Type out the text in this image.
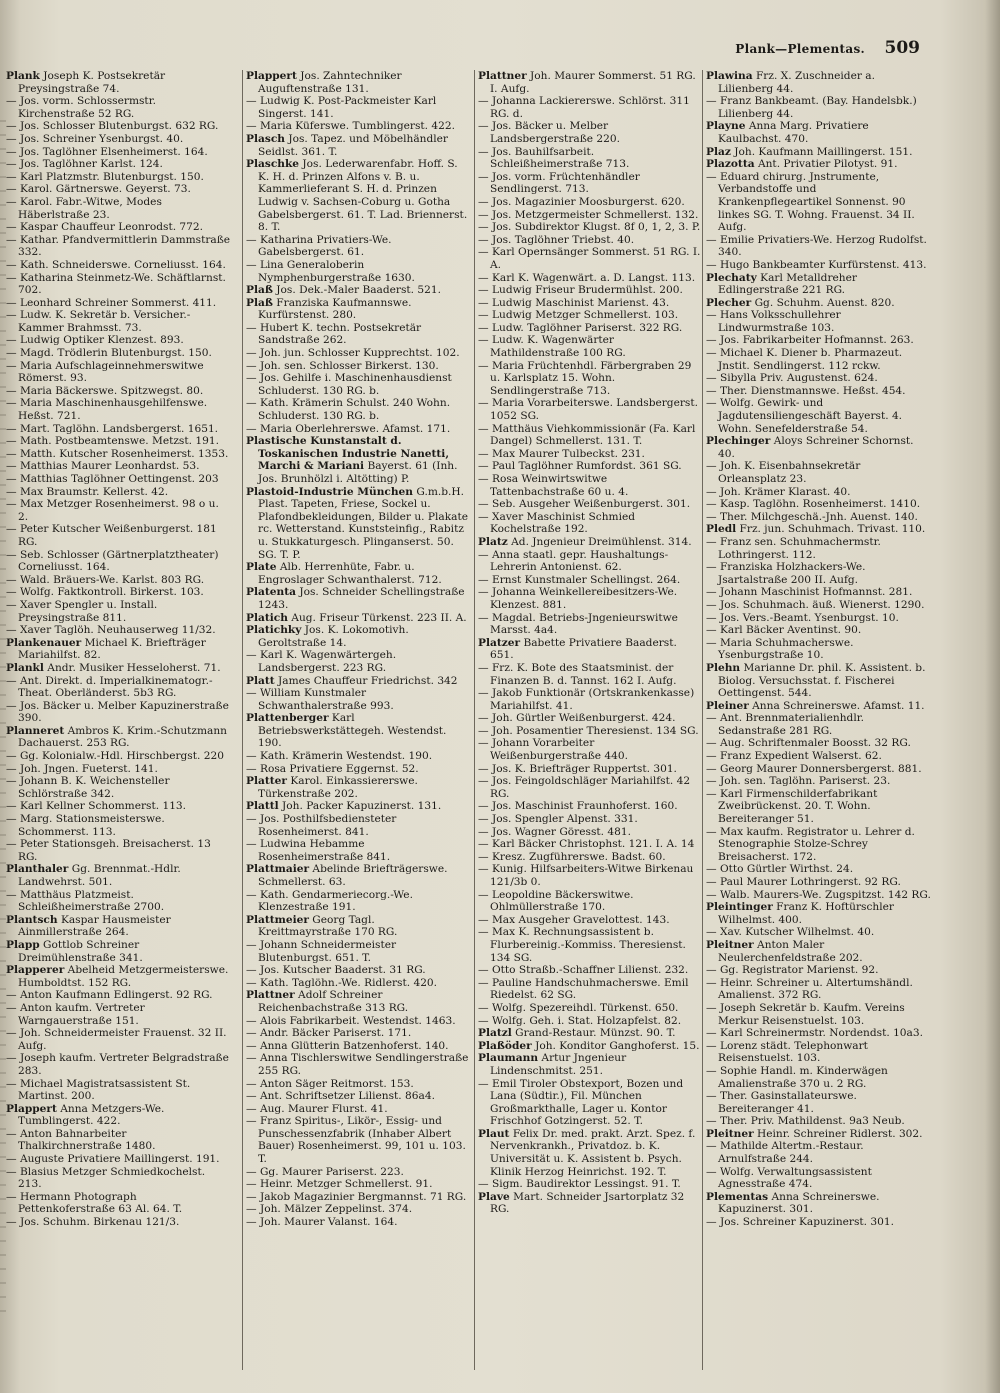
Plank—Plementas. 509

Plank Joseph K. Postsekretär Preysingstraße 74.

— Jos. vorm. Schlossermstr. Kirchenstraße 52 RG.

— Jos. Schlosser Blutenburgst. 632 RG.

— Jos. Schreiner Ysenburgst. 40.

— Jos. Taglöhner Elsenheimerst. 164.

— Jos. Taglöhner Karlst. 124.

— Karl Platzmstr. Blutenburgst. 150.

— Karol. Gärtnerswe. Geyerst. 73.

— Karol. Fabr.-Witwe, Modes Häberlstraße 23.

— Kaspar Chauffeur Leonrodst. 772.

— Kathar. Pfandvermittlerin Dammstraße 332.

— Kath. Schneiderswe. Corneliusst. 164.

— Katharina Steinmetz-We. Schäftlarnst. 702.

— Leonhard Schreiner Sommerst. 411.

— Ludw. K. Sekretär b. Versicher.-Kammer Brahmsst. 73.

— Ludwig Optiker Klenzest. 893.

— Magd. Trödlerin Blutenburgst. 150.

— Maria Aufschlageinnehmerswitwe Römerst. 93.

— Maria Bäckerswe. Spitzwegst. 80.

— Maria Maschinenhausgehilfenswe. Heßst. 721.

— Mart. Taglöhn. Landsbergerst. 1651.

— Math. Postbeamtenswe. Metzst. 191.

— Matth. Kutscher Rosenheimerst. 1353.

— Matthias Maurer Leonhardst. 53.

— Matthias Taglöhner Oettingenst. 203

— Max Braumstr. Kellerst. 42.

— Max Metzger Rosenheimerst. 98 o u. 2.

— Peter Kutscher Weißenburgerst. 181 RG.

— Seb. Schlosser (Gärtnerplatztheater) Corneliusst. 164.

— Wald. Bräuers-We. Karlst. 803 RG.

— Wolfg. Faktkontroll. Birkerst. 103.

— Xaver Spengler u. Install. Preysingstraße 811.

— Xaver Taglöh. Neuhauserweg 11/32.

Plankenauer Michael K. Briefträger Mariahilfst. 82.

Plankl Andr. Musiker Hesseloherst. 71.

— Ant. Direkt. d. Imperialkinematogr.-Theat. Oberländerst. 5b3 RG.

— Jos. Bäcker u. Melber Kapuzinerstraße 390.

Planneret Ambros K. Krim.-Schutzmann Dachauerst. 253 RG.

— Gg. Kolonialw.-Hdl. Hirschbergst. 220

— Joh. Jngen. Fueterst. 141.

— Johann B. K. Weichensteller Schlörstraße 342.

— Karl Kellner Schommerst. 113.

— Marg. Stationsmeisterswe. Schommerst. 113.

— Peter Stationsgeh. Breisacherst. 13 RG.

Planthaler Gg. Brennmat.-Hdlr. Landwehrst. 501.

— Matthäus Platzmeist. Schleißheimerstraße 2700.

Plantsch Kaspar Hausmeister Ainmillerstraße 264.

Plapp Gottlob Schreiner Dreimühlenstraße 341.

Plapperer Abelheid Metzgermeisterswe. Humboldtst. 152 RG.

— Anton Kaufmann Edlingerst. 92 RG.

— Anton kaufm. Vertreter Warngauerstraße 151.

— Joh. Schneidermeister Frauenst. 32 II. Aufg.

— Joseph kaufm. Vertreter Belgradstraße 283.

— Michael Magistratsassistent St. Martinst. 200.

Plappert Anna Metzgers-We. Tumblingerst. 422.

— Anton Bahnarbeiter Thalkirchnerstraße 1480.

— Auguste Privatiere Maillingerst. 191.

— Blasius Metzger Schmiedkochelst. 213.

— Hermann Photograph Pettenkoferstraße 63 Al. 64. T.

— Jos. Schuhm. Birkenau 121/3.

Plappert Jos. Zahntechniker Auguftenstraße 131.

— Ludwig K. Post-Packmeister Karl Singerst. 141.

— Maria Küferswe. Tumblingerst. 422.

Plasch Jos. Tapez. und Möbelhändler Seidlst. 361. T.

Plaschke Jos. Lederwarenfabr. Hoff. S. K. H. d. Prinzen Alfons v. B. u. Kammerlieferant S. H. d. Prinzen Ludwig v. Sachsen-Coburg u. Gotha Gabelsbergerst. 61. T. Lad. Briennerst. 8. T.

— Katharina Privatiers-We. Gabelsbergerst. 61.

— Lina Generaloberin Nymphenburgerstraße 1630.

Plaß Jos. Dek.-Maler Baaderst. 521.

Plaß Franziska Kaufmannswe. Kurfürstenst. 280.

— Hubert K. techn. Postsekretär Sandstraße 262.

— Joh. jun. Schlosser Kupprechtst. 102.

— Joh. sen. Schlosser Birkerst. 130.

— Jos. Gehilfe i. Maschinenhausdienst Schluderst. 130 RG. b.

— Kath. Krämerin Schulst. 240 Wohn. Schluderst. 130 RG. b.

— Maria Oberlehrerswe. Afamst. 171.

Plastische Kunstanstalt d. Toskanischen Industrie Nanetti, Marchi & Mariani Bayerst. 61 (Inh. Jos. Brunhölzl i. Altötting) P.

Plastoid-Industrie München G.m.b.H. Plast. Tapeten, Friese, Sockel u. Plafondbekleidungen, Bilder u. Plakate rc. Wetterstand. Kunststeinfig., Rabitz u. Stukkaturgesch. Plinganserst. 50. SG. T. P.

Plate Alb. Herrenhüte, Fabr. u. Engroslager Schwanthalerst. 712.

Platenta Jos. Schneider Schellingstraße 1243.

Platich Aug. Friseur Türkenst. 223 II. A.

Platichky Jos. K. Lokomotivh. Geroltstraße 14.

— Karl K. Wagenwärtergeh. Landsbergerst. 223 RG.

Platt James Chauffeur Friedrichst. 342

— William Kunstmaler Schwanthalerstraße 993.

Plattenberger Karl Betriebswerkstättegeh. Westendst. 190.

— Kath. Krämerin Westendst. 190.

— Rosa Privatiere Eggernst. 52.

Platter Karol. Einkassiererswe. Türkenstraße 202.

Plattl Joh. Packer Kapuzinerst. 131.

— Jos. Posthilfsbediensteter Rosenheimerst. 841.

— Ludwina Hebamme Rosenheimerstraße 841.

Plattmaier Abelinde Briefträgerswe. Schmellerst. 63.

— Kath. Gendarmeriecorg.-We. Klenzestraße 191.

Plattmeier Georg Tagl. Kreittmayrstraße 170 RG.

— Johann Schneidermeister Blutenburgst. 651. T.

— Jos. Kutscher Baaderst. 31 RG.

— Kath. Taglöhn.-We. Ridlerst. 420.

Plattner Adolf Schreiner Reichenbachstraße 313 RG.

— Alois Fabrikarbeit. Westendst. 1463.

— Andr. Bäcker Pariserst. 171.

— Anna Glütterin Batzenhoferst. 140.

— Anna Tischlerswitwe Sendlingerstraße 255 RG.

— Anton Säger Reitmorst. 153.

— Ant. Schriftsetzer Lilienst. 86a4.

— Aug. Maurer Flurst. 41.

— Franz Spiritus-, Likör-, Essig- und Punschessenzfabrik (Inhaber Albert Bauer) Rosenheimerst. 99, 101 u. 103. T.

— Gg. Maurer Pariserst. 223.

— Heinr. Metzger Schmellerst. 91.

— Jakob Magazinier Bergmannst. 71 RG.

— Joh. Mälzer Zeppelinst. 374.

— Joh. Maurer Valanst. 164.

Plattner Joh. Maurer Sommerst. 51 RG. I. Aufg.

— Johanna Lackiererswe. Schlörst. 311 RG. d.

— Jos. Bäcker u. Melber Landsbergerstraße 220.

— Jos. Bauhilfsarbeit. Schleißheimerstraße 713.

— Jos. vorm. Früchtenhändler Sendlingerst. 713.

— Jos. Magazinier Moosburgerst. 620.

— Jos. Metzgermeister Schmellerst. 132.

— Jos. Subdirektor Klugst. 8f 0, 1, 2, 3. P.

— Jos. Taglöhner Triebst. 40.

— Karl Opernsänger Sommerst. 51 RG. I. A.

— Karl K. Wagenwärt. a. D. Langst. 113.

— Ludwig Friseur Brudermühlst. 200.

— Ludwig Maschinist Marienst. 43.

— Ludwig Metzger Schmellerst. 103.

— Ludw. Taglöhner Pariserst. 322 RG.

— Ludw. K. Wagenwärter Mathildenstraße 100 RG.

— Maria Früchtenhdl. Färbergraben 29 u. Karlsplatz 15. Wohn. Sendlingerstraße 713.

— Maria Vorarbeiterswe. Landsbergerst. 1052 SG.

— Matthäus Viehkommissionär (Fa. Karl Dangel) Schmellerst. 131. T.

— Max Maurer Tulbeckst. 231.

— Paul Taglöhner Rumfordst. 361 SG.

— Rosa Weinwirtswitwe Tattenbachstraße 60 u. 4.

— Seb. Ausgeher Weißenburgerst. 301.

— Xaver Maschinist Schmied Kochelstraße 192.

Platz Ad. Jngenieur Dreimühlenst. 314.

— Anna staatl. gepr. Haushaltungs-Lehrerin Antonienst. 62.

— Ernst Kunstmaler Schellingst. 264.

— Johanna Weinkellereibesitzers-We. Klenzest. 881.

— Magdal. Betriebs-Jngenieurswitwe Marsst. 4a4.

Platzer Babette Privatiere Baaderst. 651.

— Frz. K. Bote des Staatsminist. der Finanzen B. d. Tannst. 162 I. Aufg.

— Jakob Funktionär (Ortskrankenkasse) Mariahilfst. 41.

— Joh. Gürtler Weißenburgerst. 424.

— Joh. Posamentier Theresienst. 134 SG.

— Johann Vorarbeiter Weißenburgerstraße 440.

— Jos. K. Briefträger Ruppertst. 301.

— Jos. Feingoldschläger Mariahilfst. 42 RG.

— Jos. Maschinist Fraunhoferst. 160.

— Jos. Spengler Alpenst. 331.

— Jos. Wagner Göresst. 481.

— Karl Bäcker Christophst. 121. I. A. 14

— Kresz. Zugführerswe. Badst. 60.

— Kunig. Hilfsarbeiters-Witwe Birkenau 121/3b 0.

— Leopoldine Bäckerswitwe. Ohlmüllerstraße 170.

— Max Ausgeher Gravelottest. 143.

— Max K. Rechnungsassistent b. Flurbereinig.-Kommiss. Theresienst. 134 SG.

— Otto Straßb.-Schaffner Lilienst. 232.

— Pauline Handschuhmacherswe. Emil Riedelst. 62 SG.

— Wolfg. Spezereihdl. Türkenst. 650.

— Wolfg. Geh. i. Stat. Holzapfelst. 82.

Platzl Grand-Restaur. Münzst. 90. T.

Plaßöder Joh. Konditor Ganghoferst. 15.

Plaumann Artur Jngenieur Lindenschmitst. 251.

— Emil Tiroler Obstexport, Bozen und Lana (Südtir.), Fil. München Großmarkthalle, Lager u. Kontor Frischhof Gotzingerst. 52. T.

Plaut Felix Dr. med. prakt. Arzt. Spez. f. Nervenkrankh., Privatdoz. b. K. Universität u. K. Assistent b. Psych. Klinik Herzog Heinrichst. 192. T.

— Sigm. Baudirektor Lessingst. 91. T.

Plave Mart. Schneider Jsartorplatz 32 RG.

Plawina Frz. X. Zuschneider a. Lilienberg 44.

— Franz Bankbeamt. (Bay. Handelsbk.) Lilienberg 44.

Playne Anna Marg. Privatiere Kaulbachst. 470.

Plaz Joh. Kaufmann Maillingerst. 151.

Plazotta Ant. Privatier Pilotyst. 91.

— Eduard chirurg. Jnstrumente, Verbandstoffe und Krankenpflegeartikel Sonnenst. 90 linkes SG. T. Wohng. Frauenst. 34 II. Aufg.

— Emilie Privatiers-We. Herzog Rudolfst. 340.

— Hugo Bankbeamter Kurfürstenst. 413.

Plechaty Karl Metalldreher Edlingerstraße 221 RG.

Plecher Gg. Schuhm. Auenst. 820.

— Hans Volksschullehrer Lindwurmstraße 103.

— Jos. Fabrikarbeiter Hofmannst. 263.

— Michael K. Diener b. Pharmazeut. Jnstit. Sendlingerst. 112 rckw.

— Sibylla Priv. Augustenst. 624.

— Ther. Dienstmannswe. Heßst. 454.

— Wolfg. Gewirk- und Jagdutensiliengeschäft Bayerst. 4. Wohn. Senefelderstraße 54.

Plechinger Aloys Schreiner Schornst. 40.

— Joh. K. Eisenbahnsekretär Orleansplatz 23.

— Joh. Krämer Klarast. 40.

— Kasp. Taglöhn. Rosenheimerst. 1410.

— Ther. Milchgeschä.-Jnh. Auenst. 140.

Pledl Frz. jun. Schuhmach. Trivast. 110.

— Franz sen. Schuhmachermstr. Lothringerst. 112.

— Franziska Holzhackers-We. Jsartalstraße 200 II. Aufg.

— Johann Maschinist Hofmannst. 281.

— Jos. Schuhmach. äuß. Wienerst. 1290.

— Jos. Vers.-Beamt. Ysenburgst. 10.

— Karl Bäcker Aventinst. 90.

— Maria Schuhmacherswe. Ysenburgstraße 10.

Plehn Marianne Dr. phil. K. Assistent. b. Biolog. Versuchsstat. f. Fischerei Oettingenst. 544.

Pleiner Anna Schreinerswe. Afamst. 11.

— Ant. Brennmaterialienhdlr. Sedanstraße 281 RG.

— Aug. Schriftenmaler Boosst. 32 RG.

— Franz Expedient Walserst. 62.

— Georg Maurer Donnersbergerst. 881.

— Joh. sen. Taglöhn. Pariserst. 23.

— Karl Firmenschilderfabrikant Zweibrückenst. 20. T. Wohn. Bereiteranger 51.

— Max kaufm. Registrator u. Lehrer d. Stenographie Stolze-Schrey Breisacherst. 172.

— Otto Gürtler Wirthst. 24.

— Paul Maurer Lothringerst. 92 RG.

— Walb. Maurers-We. Zugspitzst. 142 RG.

Pleintinger Franz K. Hoftürschler Wilhelmst. 400.

— Xav. Kutscher Wilhelmst. 40.

Pleitner Anton Maler Neulerchenfeldstraße 202.

— Gg. Registrator Marienst. 92.

— Heinr. Schreiner u. Altertumshändl. Amalienst. 372 RG.

— Joseph Sekretär b. Kaufm. Vereins Merkur Reisenstuelst. 103.

— Karl Schreinermstr. Nordendst. 10a3.

— Lorenz städt. Telephonwart Reisenstuelst. 103.

— Sophie Handl. m. Kinderwägen Amalienstraße 370 u. 2 RG.

— Ther. Gasinstallateurswe. Bereiteranger 41.

— Ther. Priv. Mathildenst. 9a3 Neub.

Pleitner Heinr. Schreiner Ridlerst. 302.

— Mathilde Altertm.-Restaur. Arnulfstraße 244.

— Wolfg. Verwaltungsassistent Agnesstraße 474.

Plementas Anna Schreinerswe. Kapuzinerst. 301.

— Jos. Schreiner Kapuzinerst. 301.
